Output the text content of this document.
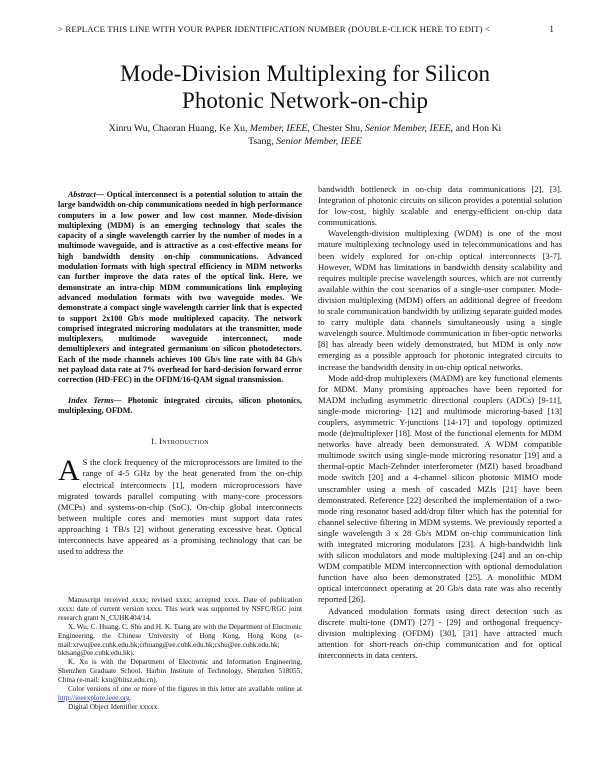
> REPLACE THIS LINE WITH YOUR PAPER IDENTIFICATION NUMBER (DOUBLE-CLICK HERE TO EDIT) <	1
Mode-Division Multiplexing for Silicon
Photonic Network-on-chip
Xinru Wu, Chaoran Huang, Ke Xu, Member, IEEE, Chester Shu, Senior Member, IEEE, and Hon Ki
Tsang, Senior Member, IEEE

Abstract— Optical interconnect is a potential solution to attain the large bandwidth on-chip communications needed in high performance computers in a low power and low cost manner. Mode-division multiplexing (MDM) is an emerging technology that scales the capacity of a single wavelength carrier by the number of modes in a multimode waveguide, and is attractive as a cost-effective means for high bandwidth density on-chip communications. Advanced modulation formats with high spectral efficiency in MDM networks can further improve the data rates of the optical link. Here, we demonstrate an intra-chip MDM communications link employing advanced modulation formats with two waveguide modes. We demonstrate a compact single wavelength carrier link that is expected to support 2x100 Gb/s mode multiplexed capacity. The network comprised integrated microring modulators at the transmitter, mode multiplexers, multimode waveguide interconnect, mode demultiplexers and integrated germanium on silicon photodetectors. Each of the mode channels achieves 100 Gb/s line rate with 84 Gb/s net payload data rate at 7% overhead for hard-decision forward error correction (HD-FEC) in the OFDM/16-QAM signal transmission.

Index Terms— Photonic integrated circuits, silicon photonics, multiplexing, OFDM.

I. Introduction

A S the clock frequency of the microprocessors are limited to the range of 4-5 GHz by the heat generated from the on-chip electrical interconnects [1], modern microprocessors have migrated towards parallel computing with many-core processors (MCPs) and systems-on-chip (SoC). On-chip global interconnects between multiple cores and memories must support data rates approaching 1 TB/s [2] without generating excessive heat. Optical interconnects have appeared as a promising technology that can be used to address the

Manuscript received xxxx; revised xxxx; accepted xxxx. Date of publication xxxx; date of current version xxxx. This work was supported by NSFC/RGC joint research grant N_CUHK404/14.

X. Wu, C. Huang, C. Shu and H. K. Tsang are with the Department of Electronic Engineering, the Chinese University of Hong Kong, Hong Kong (e-mail:xrwu@ee.cuhk.edu.hk;crhuang@ee.cuhk.edu.hk;cshu@ee.cuhk.edu.hk; hktsang@ee.cuhk.edu.hk).

K. Xu is with the Department of Electronic and Information Engineering, Shenzhen Graduate School, Harbin Institute of Technology, Shenzhen 518055, China (e-mail: kxu@hitsz.edu.cn).

Color versions of one or more of the figures in this letter are available online at http://ieeexplore.ieee.org.

Digital Object Identifier xxxxx.

bandwidth bottleneck in on-chip data communications [2], [3]. Integration of photonic circuits on silicon provides a potential solution for low-cost, highly scalable and energy-efficient on-chip data communications.

Wavelength-division multiplexing (WDM) is one of the most mature multiplexing technology used in telecommunications and has been widely explored for on-chip optical interconnects [3-7]. However, WDM has limitations in bandwidth density scalability and requires multiple precise wavelength sources, which are not currently available within the cost scenarios of a single-user computer. Mode-division multiplexing (MDM) offers an additional degree of freedom to scale communication bandwidth by utilizing separate guided modes to carry multiple data channels simultaneously using a single wavelength source. Multimode communication in fiber-optic networks [8] has already been widely demonstrated, but MDM is only now emerging as a possible approach for photonic integrated circuits to increase the bandwidth density in on-chip optical networks.

Mode add-drop multiplexers (MADM) are key functional elements for MDM. Many promising approaches have been reported for MADM including asymmetric directional couplers (ADCs) [9-11], single-mode microring- [12] and multimode microring-based [13] couplers, asymmetric Y-junctions [14-17] and topology optimized mode (de)multiplexer [18]. Most of the functional elements for MDM networks have already been demonstrated. A WDM compatible multimode switch using single-mode microring resonator [19] and a thermal-optic Mach-Zehnder interferometer (MZI) based broadband mode switch [20] and a 4-channel silicon photonic MIMO mode unscrambler using a mesh of cascaded MZIs [21] have been demonstrated. Reference [22] described the implementation of a two-mode ring resonator based add/drop filter which has the potential for channel selective filtering in MDM systems. We previously reported a single wavelength 3 x 28 Gb/s MDM on-chip communication link with integrated microring modulators [23]. A high-bandwidth link with silicon modulators and mode multiplexing [24] and an on-chip WDM compatible MDM interconnection with optional demodulation function have also been demonstrated [25]. A monolithic MDM optical interconnect operating at 20 Gb/s data rate was also recently reported [26].

Advanced modulation formats using direct detection such as discrete multi-tone (DMT) [27] - [29] and orthogonal frequency-division multiplexing (OFDM) [30], [31] have attracted much attention for short-reach on-chip communication and for optical interconnects in data centers.
